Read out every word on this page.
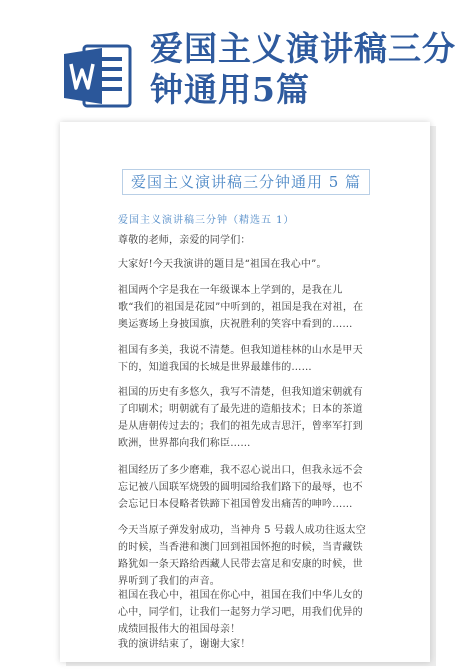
爱国主义演讲稿三分钟通用5篇
爱国主义演讲稿三分钟通用 5 篇
爱国主义演讲稿三分钟（精选五 1）

尊敬的老师，亲爱的同学们：

大家好!今天我演讲的题目是“祖国在我心中”。

祖国两个字是我在一年级课本上学到的，是我在儿歌“我们的祖国是花园”中听到的，祖国是我在对祖，在奥运赛场上身披国旗，庆祝胜利的笑容中看到的……

祖国有多美，我说不清楚。但我知道桂林的山水是甲天下的，知道我国的长城是世界最雄伟的……

祖国的历史有多悠久，我写不清楚，但我知道宋朝就有了印刷术；明朝就有了最先进的造船技术；日本的茶道是从唐朝传过去的；我们的祖先成吉思汗，曾率军打到欧洲，世界都向我们称臣……

祖国经历了多少磨难，我不忍心说出口，但我永远不会忘记被八国联军烧毁的圆明园给我们路下的最辱，也不会忘记日本侵略者铁蹄下祖国曾发出痛苦的呻吟……

今天当原子弹发射成功，当神舟 5 号载人成功往返太空的时候，当香港和澳门回到祖国怀抱的时候，当青藏铁路犹如一条天路给西藏人民带去富足和安康的时候，世界听到了我们的声音。

祖国在我心中，祖国在你心中，祖国在我们中华儿女的心中，同学们，让我们一起努力学习吧，用我们优异的成绩回报伟大的祖国母亲！

我的演讲结束了，谢谢大家！
